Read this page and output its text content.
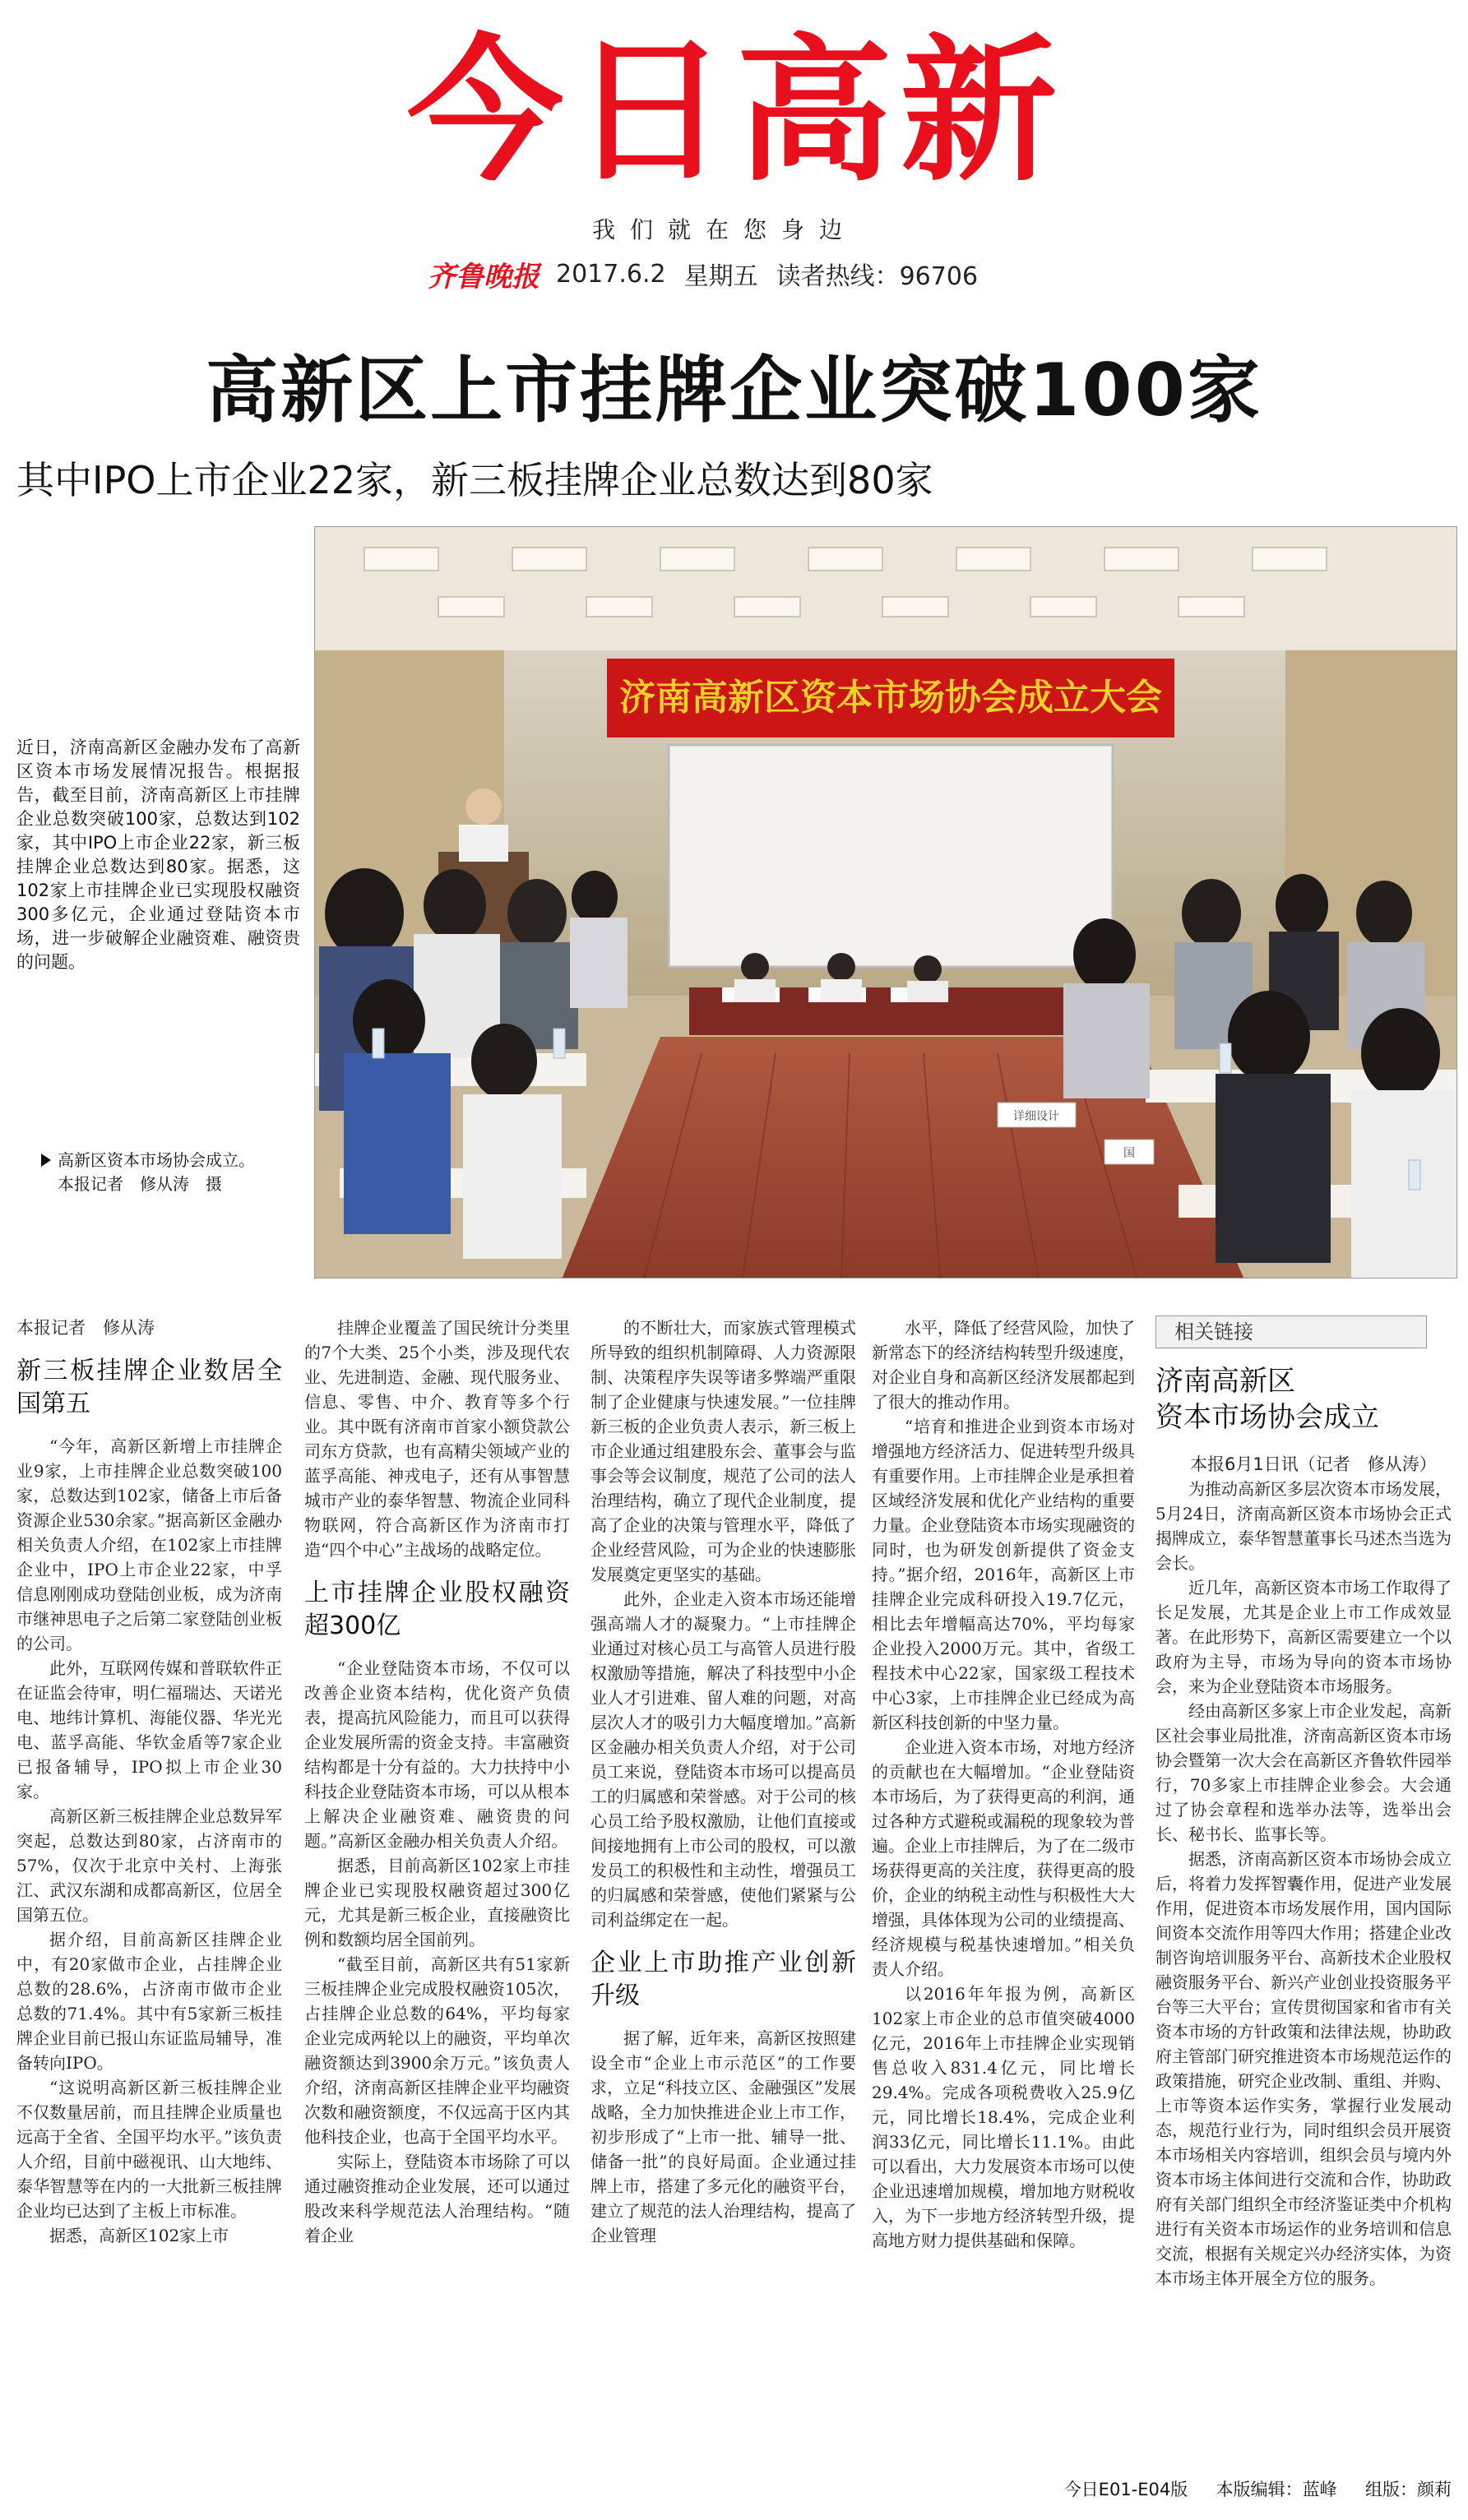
今日高新
我们就在您身边
齐鲁晚报 2017.6.2 星期五 读者热线：96706
高新区上市挂牌企业突破100家
其中IPO上市企业22家，新三板挂牌企业总数达到80家
近日，济南高新区金融办发布了高新区资本市场发展情况报告。根据报告，截至目前，济南高新区上市挂牌企业总数突破100家，总数达到102家，其中IPO上市企业22家，新三板挂牌企业总数达到80家。据悉，这102家上市挂牌企业已实现股权融资300多亿元，企业通过登陆资本市场，进一步破解企业融资难、融资贵的问题。
高新区资本市场协会成立。
本报记者　修从涛　摄
济南高新区资本市场协会成立大会
详细设计
国
本报记者　修从涛
新三板挂牌企业数居全国第五

“今年，高新区新增上市挂牌企业9家，上市挂牌企业总数突破100家，总数达到102家，储备上市后备资源企业530余家。”据高新区金融办相关负责人介绍，在102家上市挂牌企业中，IPO上市企业22家，中孚信息刚刚成功登陆创业板，成为济南市继神思电子之后第二家登陆创业板的公司。

此外，互联网传媒和普联软件正在证监会待审，明仁福瑞达、天诺光电、地纬计算机、海能仪器、华光光电、蓝孚高能、华钦金盾等7家企业已报备辅导，IPO拟上市企业30家。

高新区新三板挂牌企业总数异军突起，总数达到80家，占济南市的57%，仅次于北京中关村、上海张江、武汉东湖和成都高新区，位居全国第五位。

据介绍，目前高新区挂牌企业中，有20家做市企业，占挂牌企业总数的28.6%，占济南市做市企业总数的71.4%。其中有5家新三板挂牌企业目前已报山东证监局辅导，准备转向IPO。

“这说明高新区新三板挂牌企业不仅数量居前，而且挂牌企业质量也远高于全省、全国平均水平。”该负责人介绍，目前中磁视讯、山大地纬、泰华智慧等在内的一大批新三板挂牌企业均已达到了主板上市标准。

据悉，高新区102家上市

挂牌企业覆盖了国民统计分类里的7个大类、25个小类，涉及现代农业、先进制造、金融、现代服务业、信息、零售、中介、教育等多个行业。其中既有济南市首家小额贷款公司东方贷款，也有高精尖领域产业的蓝孚高能、神戎电子，还有从事智慧城市产业的泰华智慧、物流企业同科物联网，符合高新区作为济南市打造“四个中心”主战场的战略定位。

上市挂牌企业股权融资超300亿

“企业登陆资本市场，不仅可以改善企业资本结构，优化资产负债表，提高抗风险能力，而且可以获得企业发展所需的资金支持。丰富融资结构都是十分有益的。大力扶持中小科技企业登陆资本市场，可以从根本上解决企业融资难、融资贵的问题。”高新区金融办相关负责人介绍。

据悉，目前高新区102家上市挂牌企业已实现股权融资超过300亿元，尤其是新三板企业，直接融资比例和数额均居全国前列。

“截至目前，高新区共有51家新三板挂牌企业完成股权融资105次，占挂牌企业总数的64%，平均每家企业完成两轮以上的融资，平均单次融资额达到3900余万元。”该负责人介绍，济南高新区挂牌企业平均融资次数和融资额度，不仅远高于区内其他科技企业，也高于全国平均水平。

实际上，登陆资本市场除了可以通过融资推动企业发展，还可以通过股改来科学规范法人治理结构。“随着企业

的不断壮大，而家族式管理模式所导致的组织机制障碍、人力资源限制、决策程序失误等诸多弊端严重限制了企业健康与快速发展。”一位挂牌新三板的企业负责人表示，新三板上市企业通过组建股东会、董事会与监事会等会议制度，规范了公司的法人治理结构，确立了现代企业制度，提高了企业的决策与管理水平，降低了企业经营风险，可为企业的快速膨胀发展奠定更坚实的基础。

此外，企业走入资本市场还能增强高端人才的凝聚力。“上市挂牌企业通过对核心员工与高管人员进行股权激励等措施，解决了科技型中小企业人才引进难、留人难的问题，对高层次人才的吸引力大幅度增加。”高新区金融办相关负责人介绍，对于公司员工来说，登陆资本市场可以提高员工的归属感和荣誉感。对于公司的核心员工给予股权激励，让他们直接或间接地拥有上市公司的股权，可以激发员工的积极性和主动性，增强员工的归属感和荣誉感，使他们紧紧与公司利益绑定在一起。

企业上市助推产业创新升级

据了解，近年来，高新区按照建设全市“企业上市示范区”的工作要求，立足“科技立区、金融强区”发展战略，全力加快推进企业上市工作，初步形成了“上市一批、辅导一批、储备一批”的良好局面。企业通过挂牌上市，搭建了多元化的融资平台，建立了规范的法人治理结构，提高了企业管理

水平，降低了经营风险，加快了新常态下的经济结构转型升级速度，对企业自身和高新区经济发展都起到了很大的推动作用。

“培育和推进企业到资本市场对增强地方经济活力、促进转型升级具有重要作用。上市挂牌企业是承担着区域经济发展和优化产业结构的重要力量。企业登陆资本市场实现融资的同时，也为研发创新提供了资金支持。”据介绍，2016年，高新区上市挂牌企业完成科研投入19.7亿元，相比去年增幅高达70%，平均每家企业投入2000万元。其中，省级工程技术中心22家，国家级工程技术中心3家，上市挂牌企业已经成为高新区科技创新的中坚力量。

企业进入资本市场，对地方经济的贡献也在大幅增加。“企业登陆资本市场后，为了获得更高的利润，通过各种方式避税或漏税的现象较为普遍。企业上市挂牌后，为了在二级市场获得更高的关注度，获得更高的股价，企业的纳税主动性与积极性大大增强，具体体现为公司的业绩提高、经济规模与税基快速增加。”相关负责人介绍。

以2016年年报为例，高新区102家上市企业的总市值突破4000亿元，2016年上市挂牌企业实现销售总收入831.4亿元，同比增长29.4%。完成各项税费收入25.9亿元，同比增长18.4%，完成企业利润33亿元，同比增长11.1%。由此可以看出，大力发展资本市场可以使企业迅速增加规模，增加地方财税收入，为下一步地方经济转型升级，提高地方财力提供基础和保障。

相关链接
济南高新区
资本市场协会成立

本报6月1日讯（记者　修从涛）

为推动高新区多层次资本市场发展，5月24日，济南高新区资本市场协会正式揭牌成立，泰华智慧董事长马述杰当选为会长。

近几年，高新区资本市场工作取得了长足发展，尤其是企业上市工作成效显著。在此形势下，高新区需要建立一个以政府为主导，市场为导向的资本市场协会，来为企业登陆资本市场服务。

经由高新区多家上市企业发起，高新区社会事业局批准，济南高新区资本市场协会暨第一次大会在高新区齐鲁软件园举行，70多家上市挂牌企业参会。大会通过了协会章程和选举办法等，选举出会长、秘书长、监事长等。

据悉，济南高新区资本市场协会成立后，将着力发挥智囊作用，促进产业发展作用，促进资本市场发展作用，国内国际间资本交流作用等四大作用；搭建企业改制咨询培训服务平台、高新技术企业股权融资服务平台、新兴产业创业投资服务平台等三大平台；宣传贯彻国家和省市有关资本市场的方针政策和法律法规，协助政府主管部门研究推进资本市场规范运作的政策措施，研究企业改制、重组、并购、上市等资本运作实务，掌握行业发展动态，规范行业行为，同时组织会员开展资本市场相关内容培训，组织会员与境内外资本市场主体间进行交流和合作，协助政府有关部门组织全市经济鉴证类中介机构进行有关资本市场运作的业务培训和信息交流，根据有关规定兴办经济实体，为资本市场主体开展全方位的服务。

今日E01-E04版 　 本版编辑：蓝峰 　 组版：颜莉
